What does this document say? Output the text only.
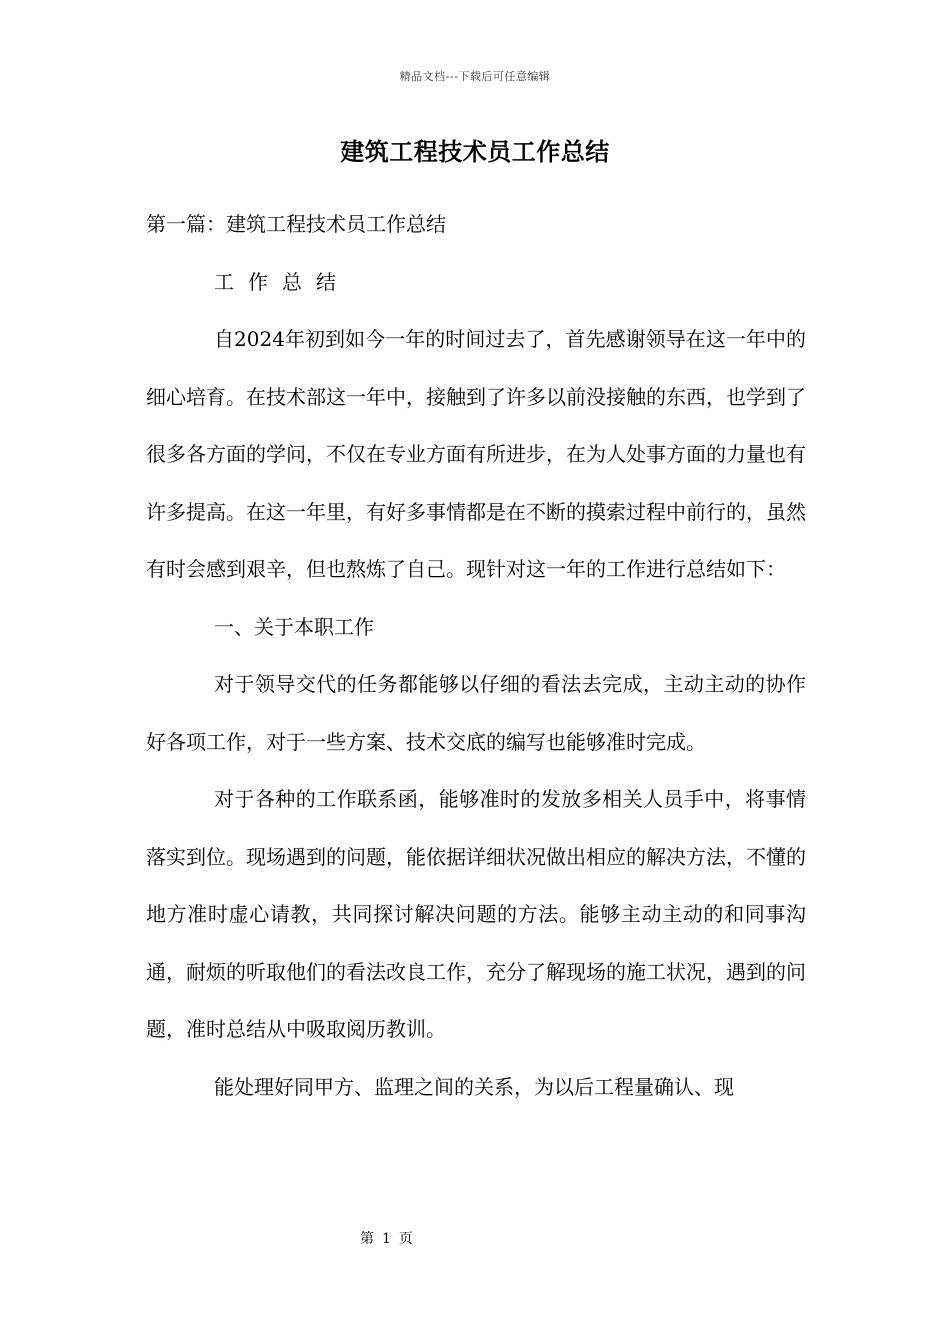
精品文档---下载后可任意编辑
建筑工程技术员工作总结

第一篇：建筑工程技术员工作总结

工作总结

自2024年初到如今一年的时间过去了，首先感谢领导在这一年中的细心培育。在技术部这一年中，接触到了许多以前没接触的东西，也学到了很多各方面的学问，不仅在专业方面有所进步，在为人处事方面的力量也有许多提高。在这一年里，有好多事情都是在不断的摸索过程中前行的，虽然有时会感到艰辛，但也熬炼了自己。现针对这一年的工作进行总结如下：

一、关于本职工作

对于领导交代的任务都能够以仔细的看法去完成，主动主动的协作好各项工作，对于一些方案、技术交底的编写也能够准时完成。

对于各种的工作联系函，能够准时的发放多相关人员手中，将事情落实到位。现场遇到的问题，能依据详细状况做出相应的解决方法，不懂的地方准时虚心请教，共同探讨解决问题的方法。能够主动主动的和同事沟通，耐烦的听取他们的看法改良工作，充分了解现场的施工状况，遇到的问题，准时总结从中吸取阅历教训。

能处理好同甲方、监理之间的关系，为以后工程量确认、现

第 1 页
